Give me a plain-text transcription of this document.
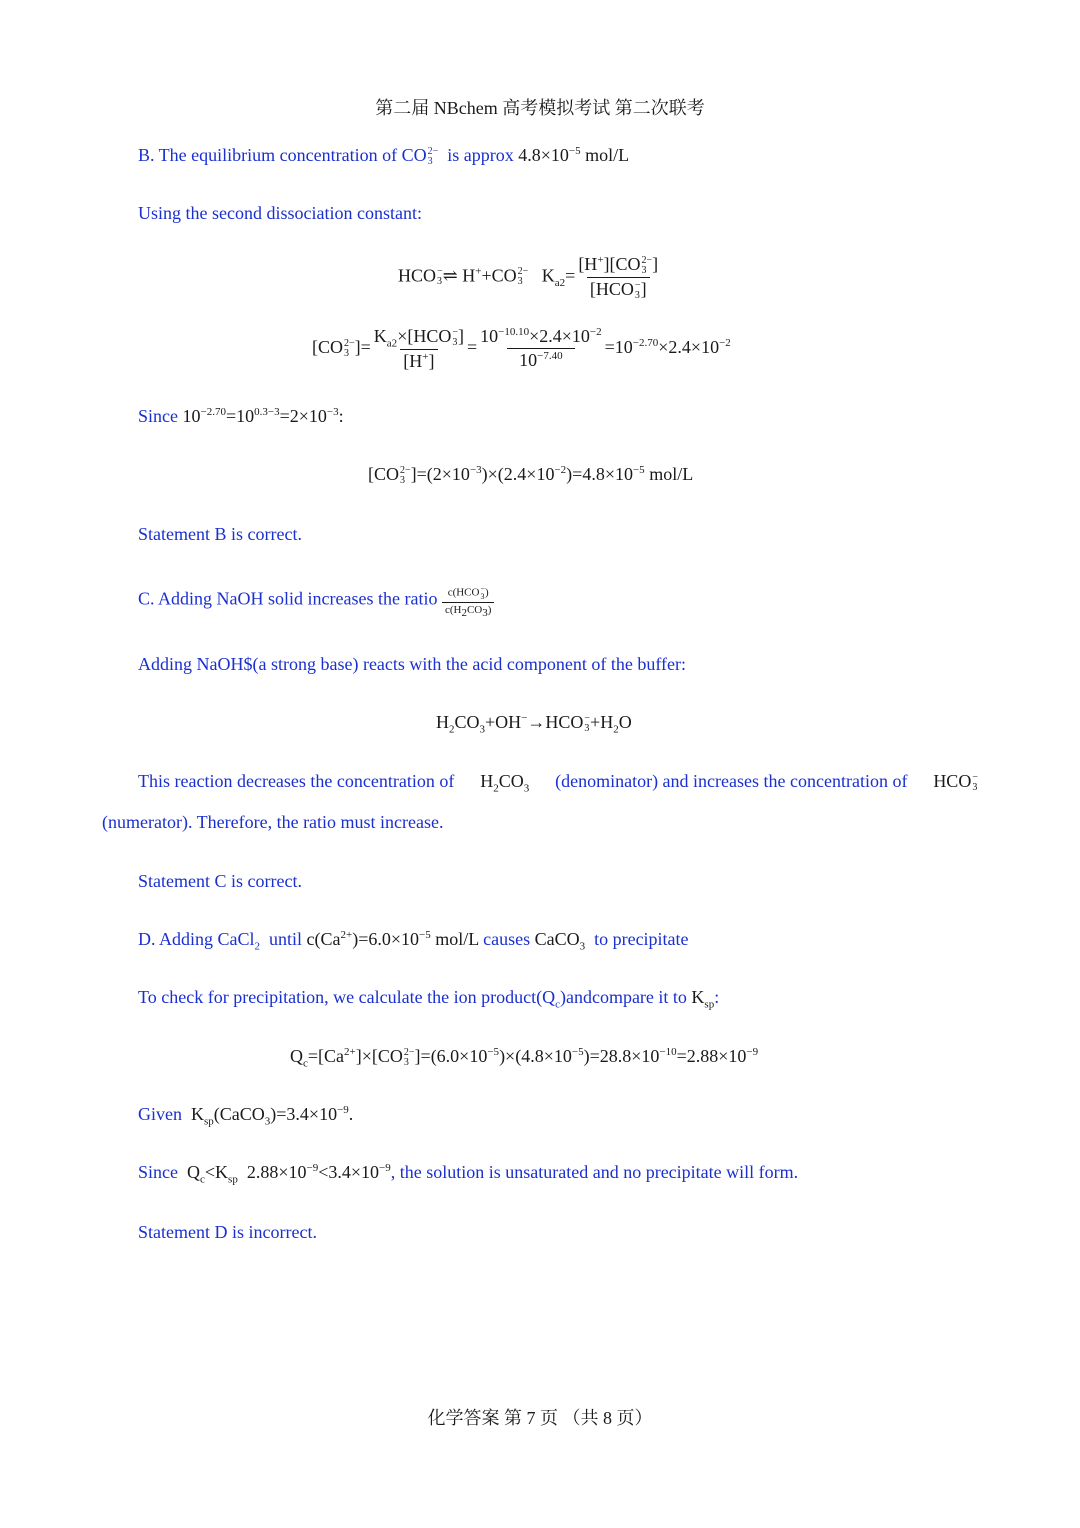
第二届 NBchem 高考模拟考试 第二次联考
B. The equilibrium concentration of CO 2−
3 is approx $4.8\times 10^{-5}$ mol/L
Using the second dissociation constant:
HCO −
3 ⇌ H++CO 2−
3 $K_{a2}= [H^+][CO$ 2−
3 ]
[HCO −
3 ]
[CO 2−
3 ]= $K_{a2}\times[HCO$ −
3 ]
$[H^+] = \frac{10^{-10.10}\times 2.4\times 10^{-2}}{10^{-7.40}} =10^{-2.70}\times 2.4\times 10^{-2}$
Since $10^{-2.70}=10^{0.3-3}=2\times 10^{-3}$:
[CO 2−
3 ]$=(2\times 10^{-3})\times(2.4\times 10^{-2})=4.8\times 10^{-5}$ mol/L
Statement B is correct.
C. Adding NaOH solid increases the ratio c(HCO −
3 )
$c(H_2CO_3)$
Adding NaOH$(a strong base) reacts with the acid component of the buffer:
$H_2CO_3+OH^-\to HCO$ −
$3 +H_2O$
This reaction decreases the concentration of $H_2CO_3$ (denominator) and increases the concentration of HCO −
3
(numerator). Therefore, the ratio must increase.
Statement C is correct.
D. Adding CaCl$_2$ until $c(Ca^{2+})=6.0\times 10^{-5}$ mol/L causes CaCO$_3$ to precipitate
To check for precipitation, we calculate the ion $product(Q_c)andcompare$ it to $K_{sp}$:
$Q_c=[Ca^{2+}]\times[CO$ 2−
3 ]$=(6.0\times 10^{-5})\times(4.8\times 10^{-5})=28.8\times 10^{-10}=2.88\times 10^{-9}$
Given  $K_{sp}(CaCO_3)=3.4\times 10^{-9}$.
Since  $Q_c<K_{sp}$  $2.88\times 10^{-9}<3.4\times 10^{-9}$, the solution is unsaturated and no precipitate will form.
Statement D is incorrect.
化学答案 第 7 页 （共 8 页）
